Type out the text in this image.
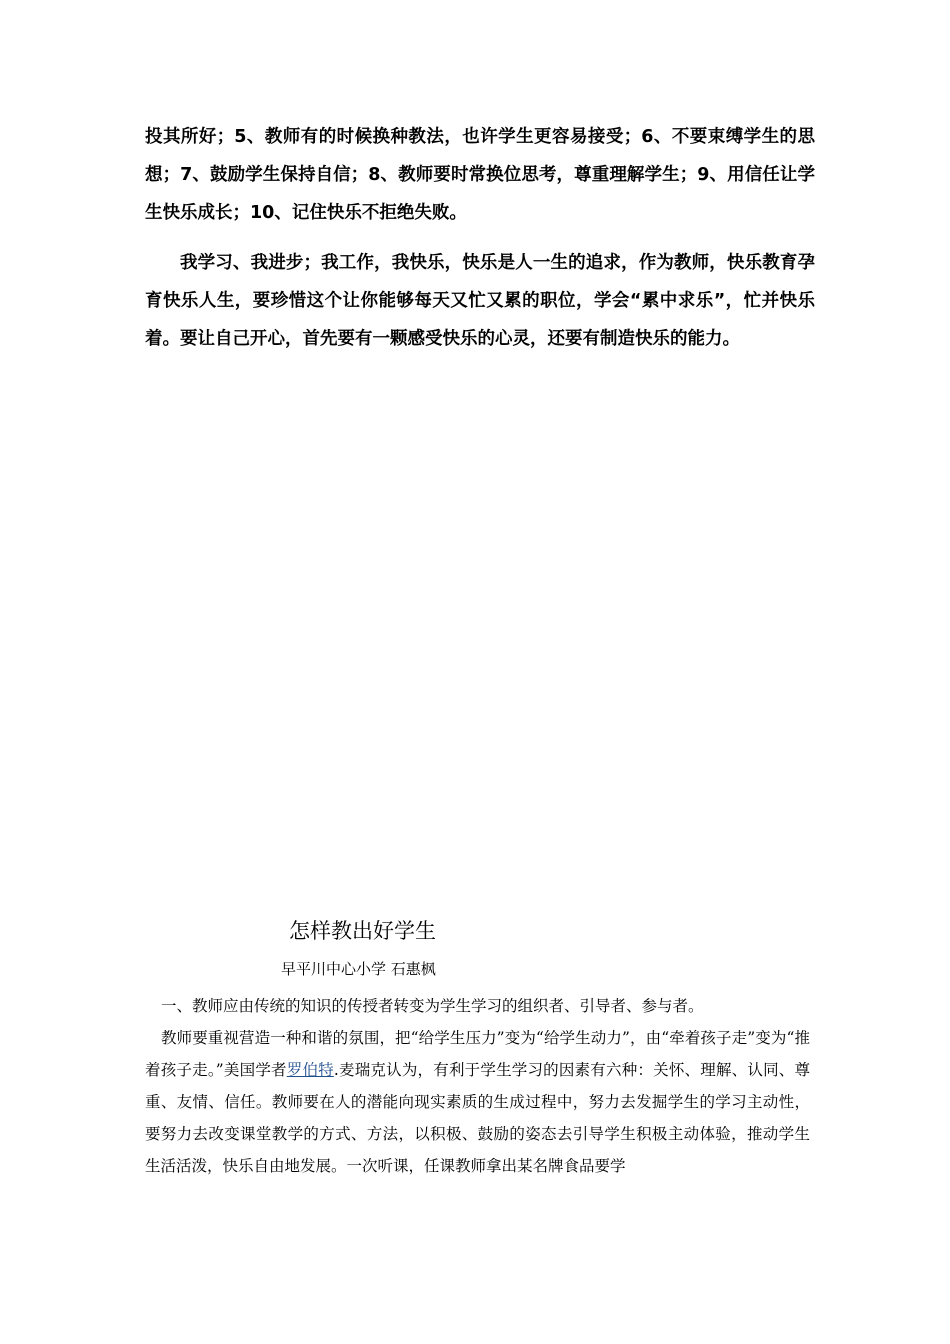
投其所好；5、教师有的时候换种教法，也许学生更容易接受；6、不要束缚学生的思想；7、鼓励学生保持自信；8、教师要时常换位思考，尊重理解学生；9、用信任让学生快乐成长；10、记住快乐不拒绝失败。

我学习、我进步；我工作，我快乐，快乐是人一生的追求，作为教师，快乐教育孕育快乐人生，要珍惜这个让你能够每天又忙又累的职位，学会“累中求乐”，忙并快乐着。要让自己开心，首先要有一颗感受快乐的心灵，还要有制造快乐的能力。

怎样教出好学生
早平川中心小学 石惠枫

一、教师应由传统的知识的传授者转变为学生学习的组织者、引导者、参与者。

教师要重视营造一种和谐的氛围，把“给学生压力”变为“给学生动力”，由“牵着孩子走”变为“推着孩子走。”美国学者罗伯特.麦瑞克认为，有利于学生学习的因素有六种：关怀、理解、认同、尊重、友情、信任。教师要在人的潜能向现实素质的生成过程中，努力去发掘学生的学习主动性，要努力去改变课堂教学的方式、方法，以积极、鼓励的姿态去引导学生积极主动体验，推动学生生活活泼，快乐自由地发展。一次听课，任课教师拿出某名牌食品要学
